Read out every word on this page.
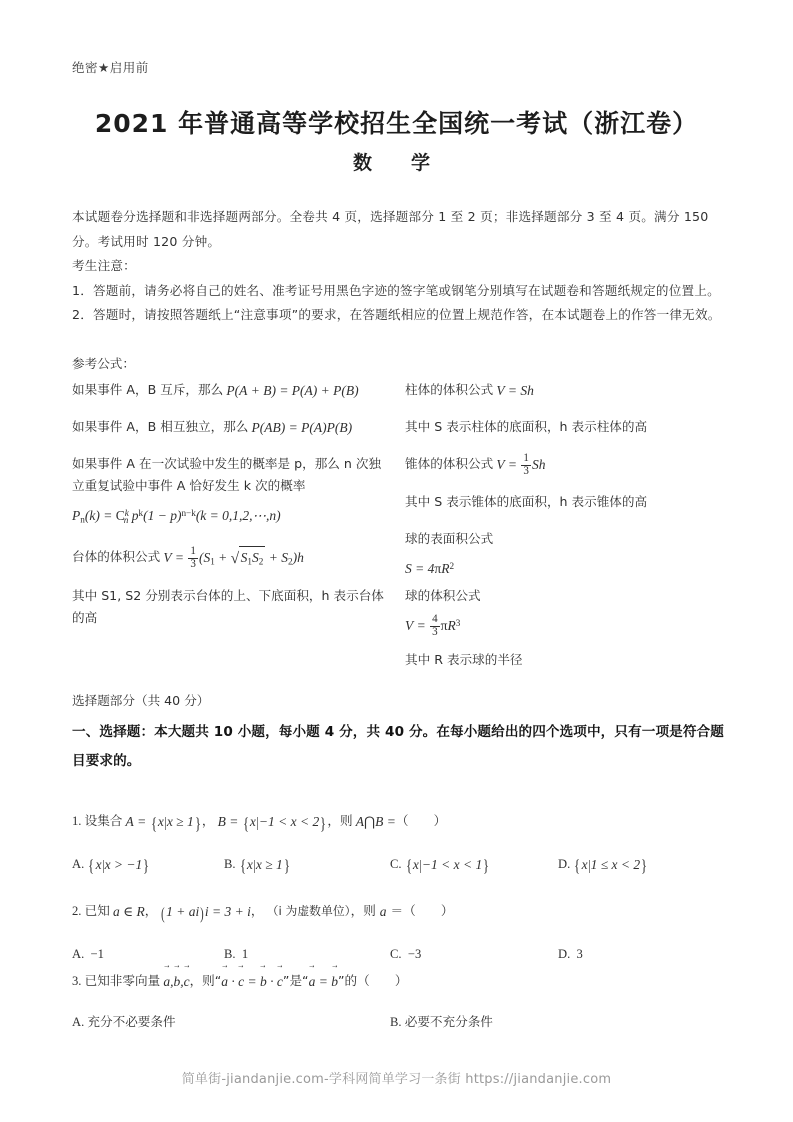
绝密★启用前
2021 年普通高等学校招生全国统一考试（浙江卷）
数　学

本试题卷分选择题和非选择题两部分。全卷共 4 页，选择题部分 1 至 2 页；非选择题部分 3 至 4 页。满分 150 分。考试用时 120 分钟。

考生注意：

1．答题前，请务必将自己的姓名、准考证号用黑色字迹的签字笔或钢笔分别填写在试题卷和答题纸规定的位置上。

2．答题时，请按照答题纸上“注意事项”的要求，在答题纸相应的位置上规范作答，在本试题卷上的作答一律无效。

参考公式：
如果事件 A，B 互斥，那么 P(A + B) = P(A) + P(B)
如果事件 A，B 相互独立，那么 P(AB) = P(A)P(B)
如果事件 A 在一次试验中发生的概率是 p，那么 n 次独立重复试验中事件 A 恰好发生 k 次的概率
$P_n(k) = C^kn$ $p^k(1 - p)^{n-k}(k$ = 0,1,2,⋯,n)
台体的体积公式 $V = \frac{1}{3} (S_1$ + √ $S_1S_2 + S_2)h$
其中 S1, S2 分别表示台体的上、下底面积，h 表示台体的高
柱体的体积公式 V = Sh
其中 S 表示柱体的底面积，h 表示柱体的高
锥体的体积公式 $V = \frac{1}{3}$ Sh
其中 S 表示锥体的底面积，h 表示锥体的高
球的表面积公式
$S = 4\pi R^2$
球的体积公式
$V = \frac{4}{3} \pi R^3$
其中 R 表示球的半径
选择题部分（共 40 分）
一、选择题：本大题共 10 小题，每小题 4 分，共 40 分。在每小题给出的四个选项中，只有一项是符合题目要求的。
1. 设集合 A = {x|x ≥ 1}， B = {x|−1 < x < 2}，则 A⋂B =（　　）
A. {x|x > −1}	B. {x|x ≥ 1}	C. {x|−1 < x < 1}	D. {x|1 ≤ x < 2}
2. 已知 a ∈ R， (1 + ai)i = 3 + i， （i 为虚数单位），则 a ＝（　　）
A.  −1	B.  1	C.  −3	D.  3
3. 已知非零向量 a →,b →,c →，则“a → · c → = b → · c →”是“a → = b →”的（　　）
A. 充分不必要条件	B. 必要不充分条件
简单街-jiandanjie.com-学科网简单学习一条街 https://jiandanjie.com
